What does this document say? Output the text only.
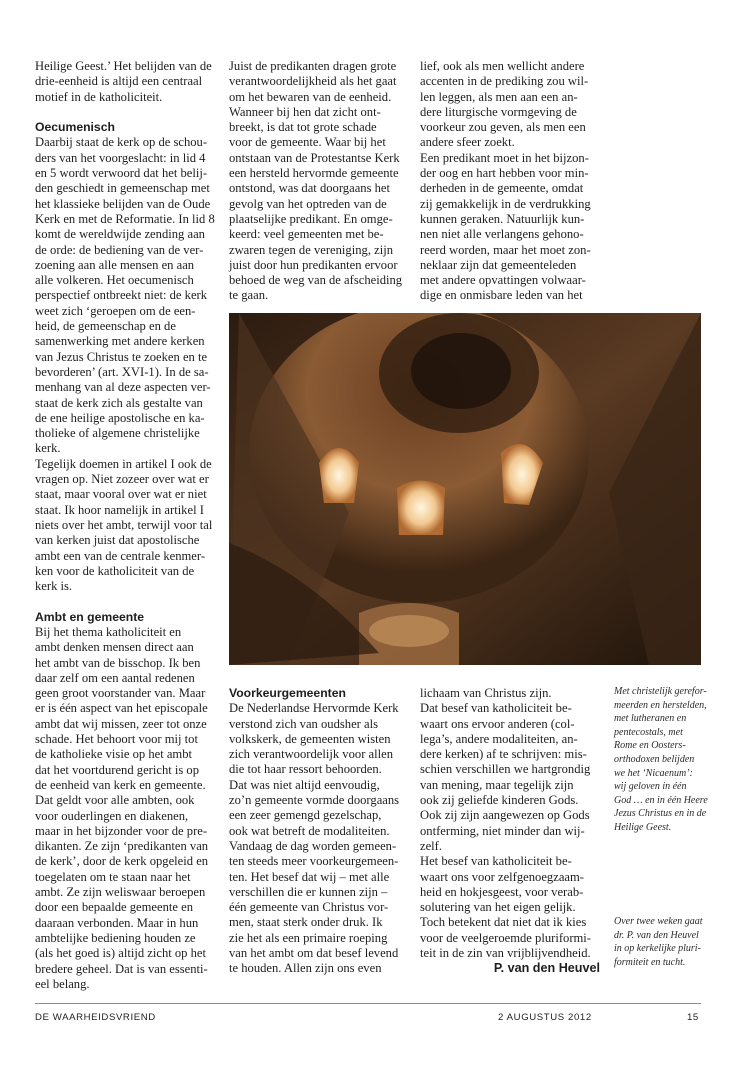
Heilige Geest.’ Het belijden van de
drie-eenheid is altijd een centraal
motief in de katholiciteit.
Oecumenisch
Daarbij staat de kerk op de schou-
ders van het voorgeslacht: in lid 4
en 5 wordt verwoord dat het belij-
den geschiedt in gemeenschap met
het klassieke belijden van de Oude
Kerk en met de Reformatie. In lid 8
komt de wereldwijde zending aan
de orde: de bediening van de ver-
zoening aan alle mensen en aan
alle volkeren. Het oecumenisch
perspectief ontbreekt niet: de kerk
weet zich ‘geroepen om de een-
heid, de gemeenschap en de
samenwerking met andere kerken
van Jezus Christus te zoeken en te
bevorderen’ (art. XVI-1). In de sa-
menhang van al deze aspecten ver-
staat de kerk zich als gestalte van
de ene heilige apostolische en ka-
tholieke of algemene christelijke
kerk.
Tegelijk doemen in artikel I ook de
vragen op. Niet zozeer over wat er
staat, maar vooral over wat er niet
staat. Ik hoor namelijk in artikel I
niets over het ambt, terwijl voor tal
van kerken juist dat apostolische
ambt een van de centrale kenmer-
ken voor de katholiciteit van de
kerk is.
Ambt en gemeente
Bij het thema katholiciteit en
ambt denken mensen direct aan
het ambt van de bisschop. Ik ben
daar zelf om een aantal redenen
geen groot voorstander van. Maar
er is één aspect van het episcopale
ambt dat wij missen, zeer tot onze
schade. Het behoort voor mij tot
de katholieke visie op het ambt
dat het voortdurend gericht is op
de eenheid van kerk en gemeente.
Dat geldt voor alle ambten, ook
voor ouderlingen en diakenen,
maar in het bijzonder voor de pre-
dikanten. Ze zijn ‘predikanten van
de kerk’, door de kerk opgeleid en
toegelaten om te staan naar het
ambt. Ze zijn weliswaar beroepen
door een bepaalde gemeente en
daaraan verbonden. Maar in hun
ambtelijke bediening houden ze
(als het goed is) altijd zicht op het
bredere geheel. Dat is van essenti-
eel belang.
Juist de predikanten dragen grote
verantwoordelijkheid als het gaat
om het bewaren van de eenheid.
Wanneer bij hen dat zicht ont-
breekt, is dat tot grote schade
voor de gemeente. Waar bij het
ontstaan van de Protestantse Kerk
een hersteld hervormde gemeente
ontstond, was dat doorgaans het
gevolg van het optreden van de
plaatselijke predikant. En omge-
keerd: veel gemeenten met be-
zwaren tegen de vereniging, zijn
juist door hun predikanten ervoor
behoed de weg van de afscheiding
te gaan.
lief, ook als men wellicht andere
accenten in de prediking zou wil-
len leggen, als men aan een an-
dere liturgische vormgeving de
voorkeur zou geven, als men een
andere sfeer zoekt.
Een predikant moet in het bijzon-
der oog en hart hebben voor min-
derheden in de gemeente, omdat
zij gemakkelijk in de verdrukking
kunnen geraken. Natuurlijk kun-
nen niet alle verlangens gehono-
reerd worden, maar het moet zon-
neklaar zijn dat gemeenteleden
met andere opvattingen volwaar-
dige en onmisbare leden van het
Voorkeurgemeenten
De Nederlandse Hervormde Kerk
verstond zich van oudsher als
volkskerk, de gemeenten wisten
zich verantwoordelijk voor allen
die tot haar ressort behoorden.
Dat was niet altijd eenvoudig,
zo’n gemeente vormde doorgaans
een zeer gemengd gezelschap,
ook wat betreft de modaliteiten.
Vandaag de dag worden gemeen-
ten steeds meer voorkeurgemeen-
ten. Het besef dat wij – met alle
verschillen die er kunnen zijn –
één gemeente van Christus vor-
men, staat sterk onder druk. Ik
zie het als een primaire roeping
van het ambt om dat besef levend
te houden. Allen zijn ons even
lichaam van Christus zijn.
Dat besef van katholiciteit be-
waart ons ervoor anderen (col-
lega’s, andere modaliteiten, an-
dere kerken) af te schrijven: mis-
schien verschillen we hartgrondig
van mening, maar tegelijk zijn
ook zij geliefde kinderen Gods.
Ook zij zijn aangewezen op Gods
ontferming, niet minder dan wij-
zelf.
Het besef van katholiciteit be-
waart ons voor zelfgenoegzaam-
heid en hokjesgeest, voor verab-
solutering van het eigen gelijk.
Toch betekent dat niet dat ik kies
voor de veelgeroemde pluriformi-
teit in de zin van vrijblijvendheid.
P. van den Heuvel
Met christelijk gerefor-
meerden en herstelden,
met lutheranen en
pentecostals, met
Rome en Oosters-
orthodoxen belijden
we het ‘Nicaenum’:
wij geloven in één
God … en in één Heere
Jezus Christus en in de
Heilige Geest.
Over twee weken gaat
dr. P. van den Heuvel
in op kerkelijke pluri-
formiteit en tucht.
DE WAARHEIDSVRIEND	2 AUGUSTUS 2012	15
